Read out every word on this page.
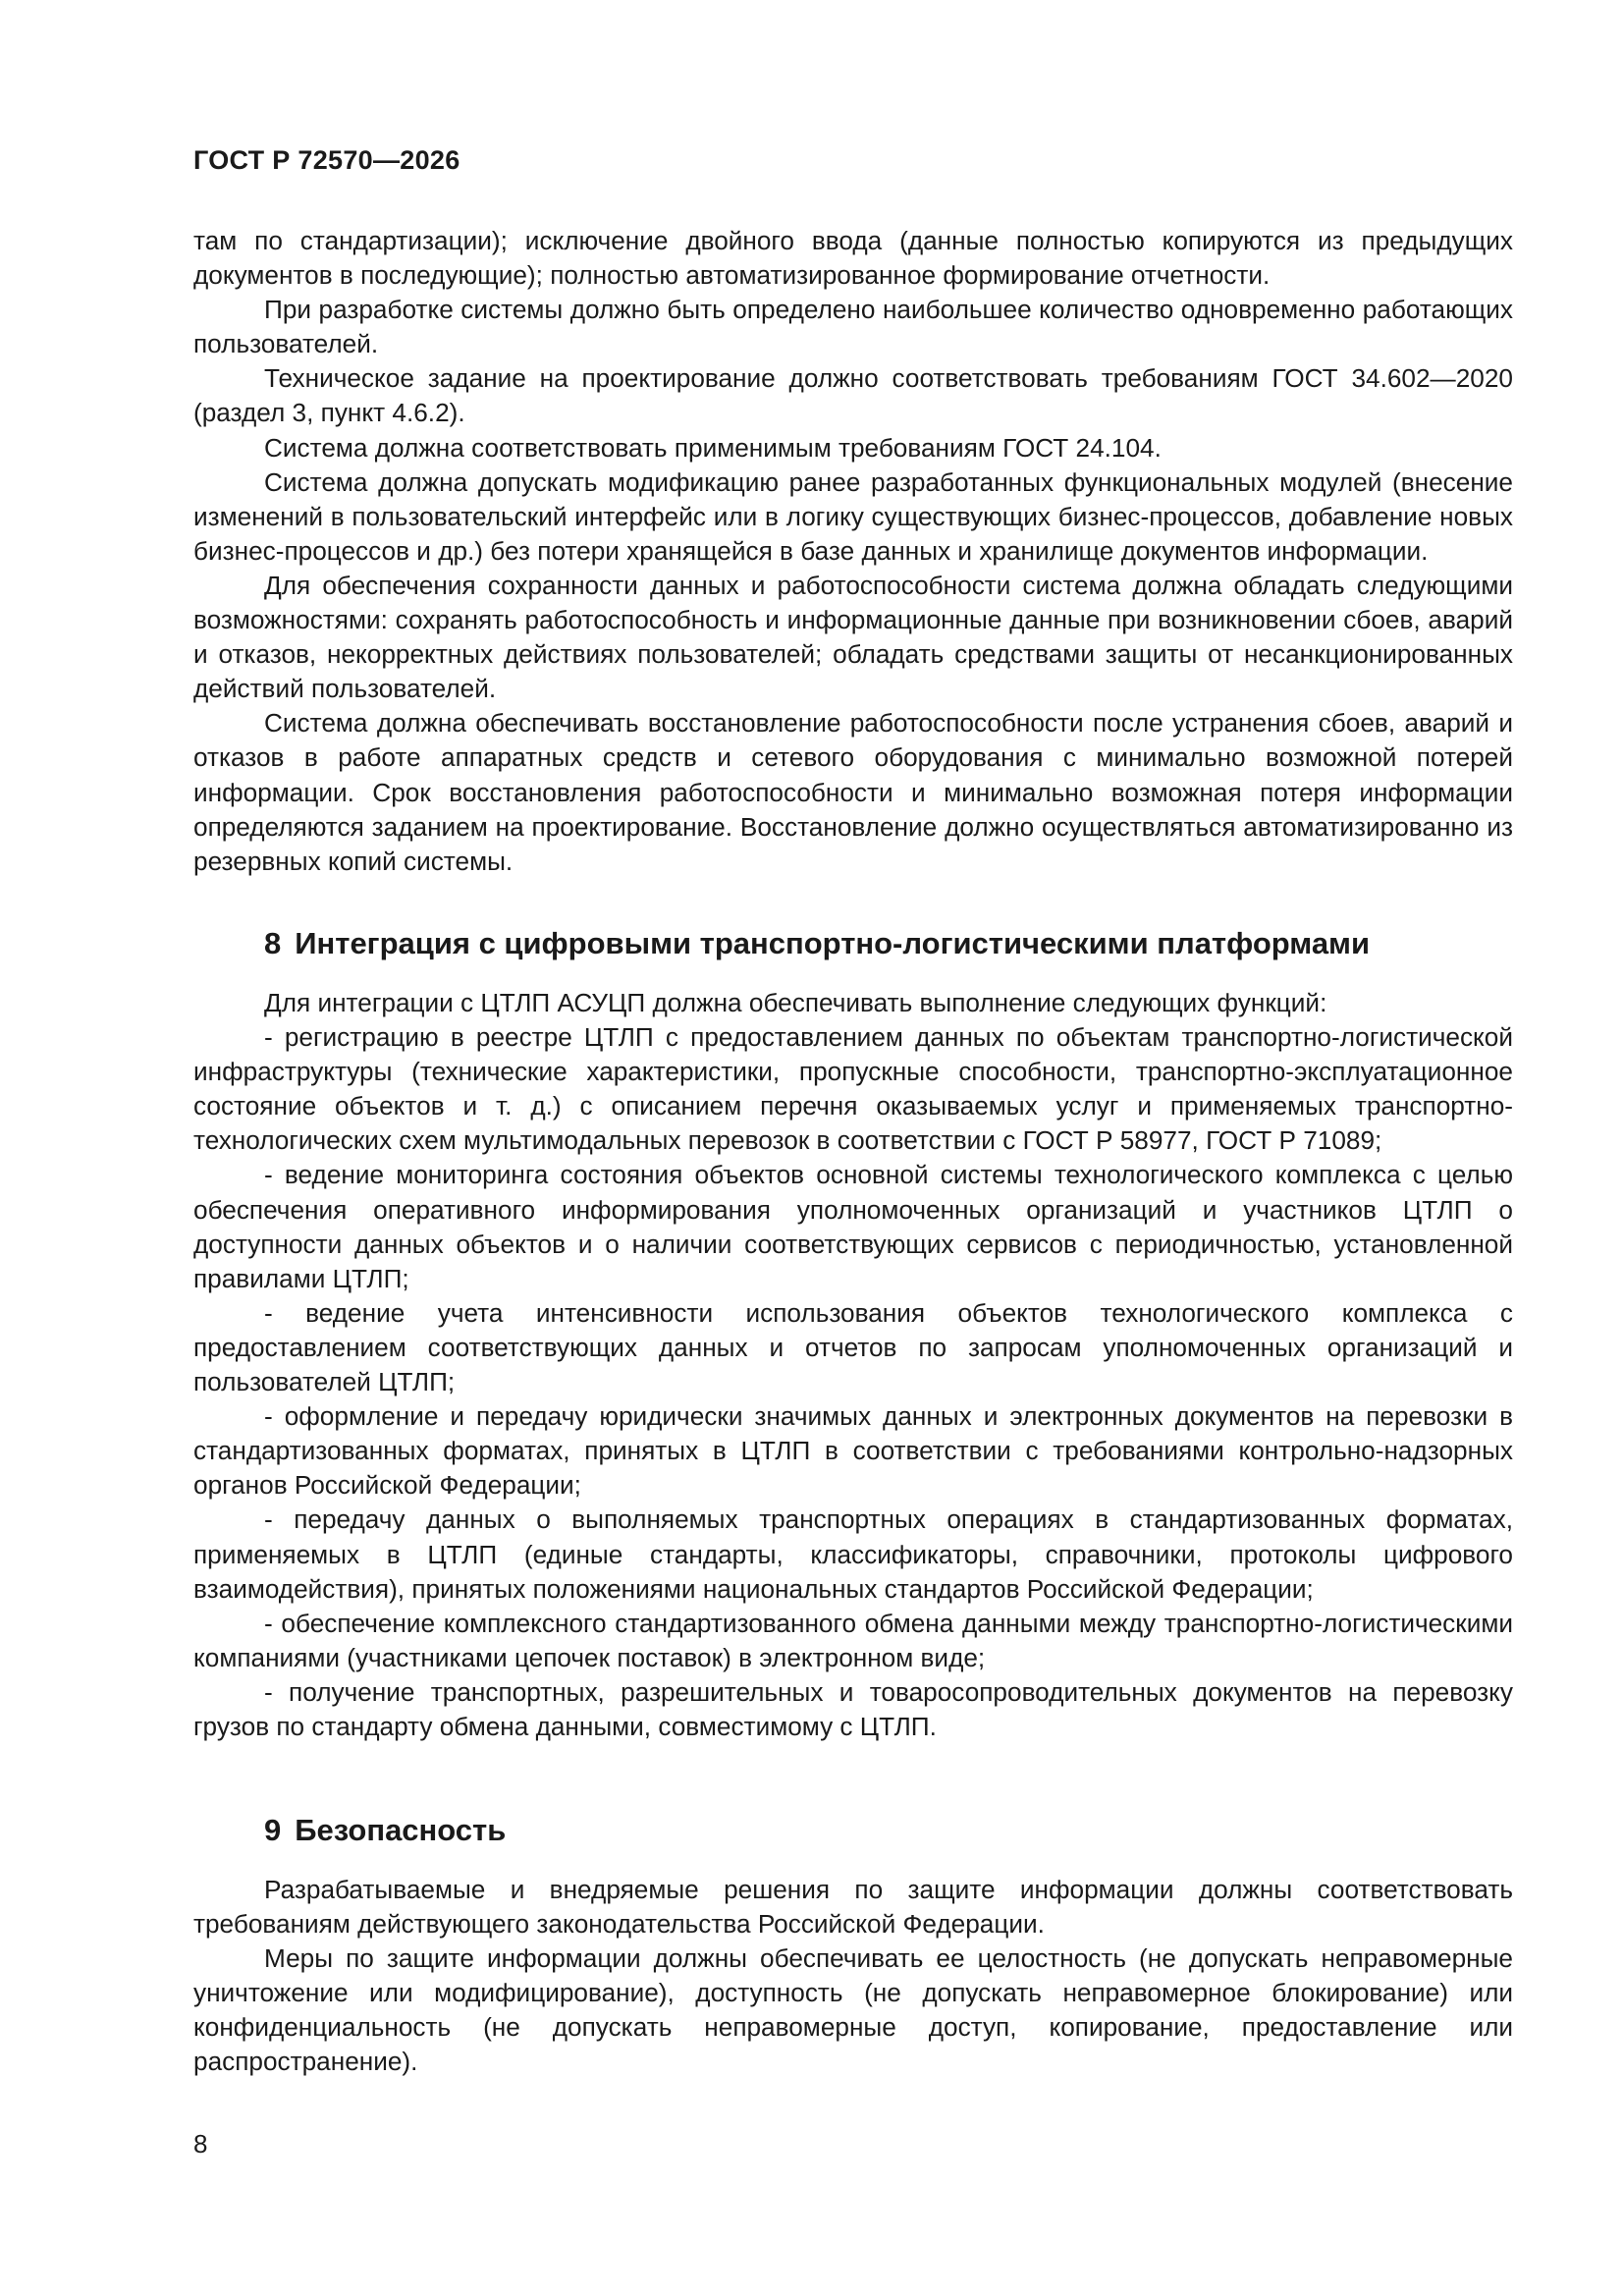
ГОСТ Р 72570—2026

там по стандартизации); исключение двойного ввода (данные полностью копируются из предыдущих документов в последующие); полностью автоматизированное формирование отчетности.

При разработке системы должно быть определено наибольшее количество одновременно работающих пользователей.

Техническое задание на проектирование должно соответствовать требованиям ГОСТ 34.602—2020 (раздел 3, пункт 4.6.2).

Система должна соответствовать применимым требованиям ГОСТ 24.104.

Система должна допускать модификацию ранее разработанных функциональных модулей (внесение изменений в пользовательский интерфейс или в логику существующих бизнес-процессов, добавление новых бизнес-процессов и др.) без потери хранящейся в базе данных и хранилище документов информации.

Для обеспечения сохранности данных и работоспособности система должна обладать следующими возможностями: сохранять работоспособность и информационные данные при возникновении сбоев, аварий и отказов, некорректных действиях пользователей; обладать средствами защиты от несанкционированных действий пользователей.

Система должна обеспечивать восстановление работоспособности после устранения сбоев, аварий и отказов в работе аппаратных средств и сетевого оборудования с минимально возможной потерей информации. Срок восстановления работоспособности и минимально возможная потеря информации определяются заданием на проектирование. Восстановление должно осуществляться автоматизированно из резервных копий системы.

8 Интеграция с цифровыми транспортно-логистическими платформами

Для интеграции с ЦТЛП АСУЦП должна обеспечивать выполнение следующих функций:

- регистрацию в реестре ЦТЛП с предоставлением данных по объектам транспортно-логистической инфраструктуры (технические характеристики, пропускные способности, транспортно-эксплуатационное состояние объектов и т. д.) с описанием перечня оказываемых услуг и применяемых транспортно-технологических схем мультимодальных перевозок в соответствии с ГОСТ Р 58977, ГОСТ Р 71089;

- ведение мониторинга состояния объектов основной системы технологического комплекса с целью обеспечения оперативного информирования уполномоченных организаций и участников ЦТЛП о доступности данных объектов и о наличии соответствующих сервисов с периодичностью, установленной правилами ЦТЛП;

- ведение учета интенсивности использования объектов технологического комплекса с предоставлением соответствующих данных и отчетов по запросам уполномоченных организаций и пользователей ЦТЛП;

- оформление и передачу юридически значимых данных и электронных документов на перевозки в стандартизованных форматах, принятых в ЦТЛП в соответствии с требованиями контрольно-надзорных органов Российской Федерации;

- передачу данных о выполняемых транспортных операциях в стандартизованных форматах, применяемых в ЦТЛП (единые стандарты, классификаторы, справочники, протоколы цифрового взаимодействия), принятых положениями национальных стандартов Российской Федерации;

- обеспечение комплексного стандартизованного обмена данными между транспортно-логистическими компаниями (участниками цепочек поставок) в электронном виде;

- получение транспортных, разрешительных и товаросопроводительных документов на перевозку грузов по стандарту обмена данными, совместимому с ЦТЛП.

9 Безопасность

Разрабатываемые и внедряемые решения по защите информации должны соответствовать требованиям действующего законодательства Российской Федерации.

Меры по защите информации должны обеспечивать ее целостность (не допускать неправомерные уничтожение или модифицирование), доступность (не допускать неправомерное блокирование) или конфиденциальность (не допускать неправомерные доступ, копирование, предоставление или распространение).

8
